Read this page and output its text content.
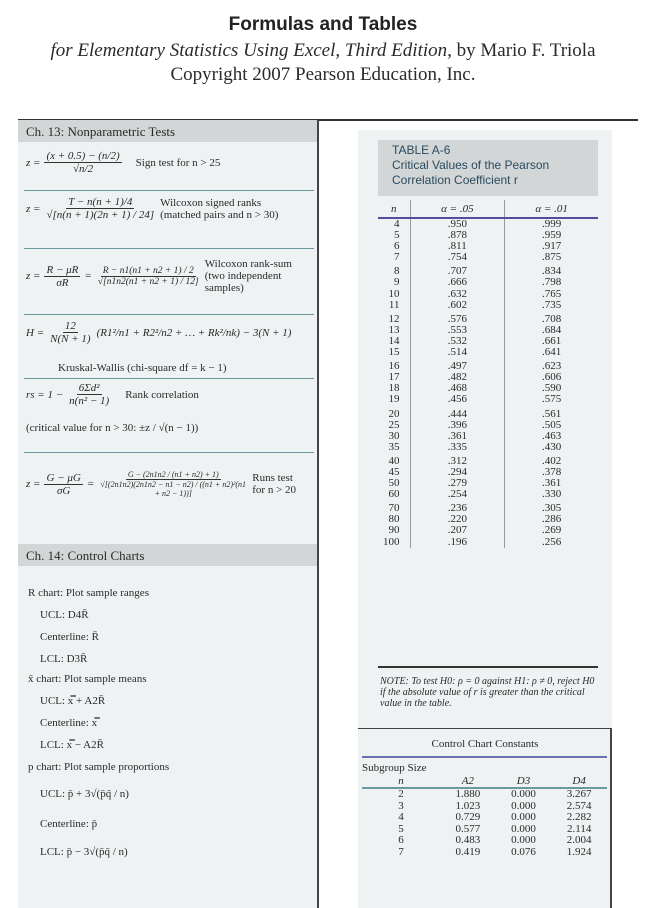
Formulas and Tables
for Elementary Statistics Using Excel, Third Edition, by Mario F. Triola
Copyright 2007 Pearson Education, Inc.
Ch. 13: Nonparametric Tests
$z = \frac{(x + 0.5) - (n/2)}{√n/2}$ Sign test for n > 25
$z = \frac{T - n(n + 1)/4}{√[n(n + 1)(2n + 1) / 24]}$ Wilcoxon signed ranks
(matched pairs and n > 30)
$z = \frac{R - \mu R}{\sigma R} = \frac{R - n1(n1 + n2 + 1) / 2}{√[n1n2(n1 + n2 + 1) / 12]}$
Wilcoxon rank-sum
(two independent
samples)
$H = \frac{12}{N(N + 1)} (R1^2/n1 + R2^2/n2$ + … + Rk²/nk) − 3(N + 1)
Kruskal-Wallis (chi-square df = k − 1)
rs = $1 - \frac{\text{6Σd²}}{\text{n(n² − 1)}}$ Rank correlation
(critical value for n > 30: ±z / √(n − 1))
$z = \frac{G - \mu G}{\sigma G} = \frac{G - (2n1n2 / (n1 + n2) + 1)}{\text{√[(2n1n2)(2n1n2 − n1 − n2) / ((n1 + n2)²(n1 + n2 − 1))]}}$ Runs test
for n > 20
Ch. 14: Control Charts
R chart: Plot sample ranges
UCL: D4R̄
Centerline: R̄
LCL: D3R̄
x̄ chart: Plot sample means
UCL: x̿ + A2R̄
Centerline: x̿
LCL: x̿ − A2R̄
p chart: Plot sample proportions
UCL: p̄ + 3√(p̄q̄ / n)
Centerline: p̄
LCL: p̄ − 3√(p̄q̄ / n)
TABLE A-6
Critical Values of the Pearson
Correlation Coefficient r
n	α = .05	α = .01
4	.950	.999
5	.878	.959
6	.811	.917
7	.754	.875
8	.707	.834
9	.666	.798
10	.632	.765
11	.602	.735
12	.576	.708
13	.553	.684
14	.532	.661
15	.514	.641
16	.497	.623
17	.482	.606
18	.468	.590
19	.456	.575
20	.444	.561
25	.396	.505
30	.361	.463
35	.335	.430
40	.312	.402
45	.294	.378
50	.279	.361
60	.254	.330
70	.236	.305
80	.220	.286
90	.207	.269
100	.196	.256
NOTE: To test H0: ρ = 0 against H1: ρ ≠ 0, reject H0 if the absolute value of r is greater than the critical value in the table.
Control Chart Constants
Subgroup Size
n	A2	D3	D4
2	1.880	0.000	3.267
3	1.023	0.000	2.574
4	0.729	0.000	2.282
5	0.577	0.000	2.114
6	0.483	0.000	2.004
7	0.419	0.076	1.924
